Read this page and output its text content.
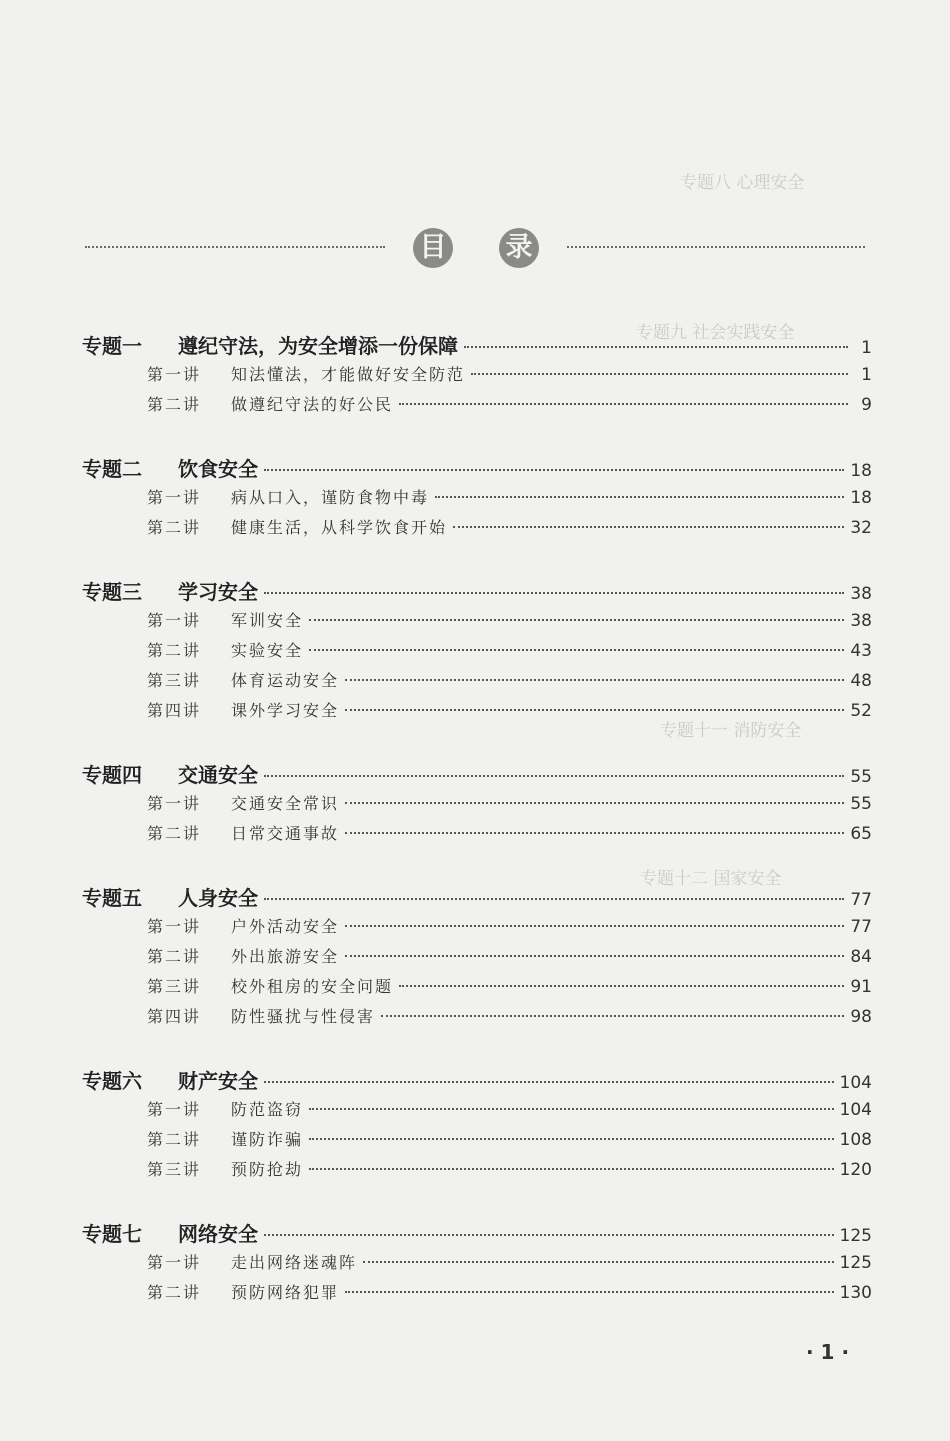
专题八 心理安全
专题九 社会实践安全
专题十一 消防安全
专题十二 国家安全
目 录
专题一	遵纪守法，为安全增添一份保障	1
第一讲	知法懂法，才能做好安全防范	1
第二讲	做遵纪守法的好公民	9
专题二	饮食安全	18
第一讲	病从口入，谨防食物中毒	18
第二讲	健康生活，从科学饮食开始	32
专题三	学习安全	38
第一讲	军训安全	38
第二讲	实验安全	43
第三讲	体育运动安全	48
第四讲	课外学习安全	52
专题四	交通安全	55
第一讲	交通安全常识	55
第二讲	日常交通事故	65
专题五	人身安全	77
第一讲	户外活动安全	77
第二讲	外出旅游安全	84
第三讲	校外租房的安全问题	91
第四讲	防性骚扰与性侵害	98
专题六	财产安全	104
第一讲	防范盗窃	104
第二讲	谨防诈骗	108
第三讲	预防抢劫	120
专题七	网络安全	125
第一讲	走出网络迷魂阵	125
第二讲	预防网络犯罪	130
· 1 ·
